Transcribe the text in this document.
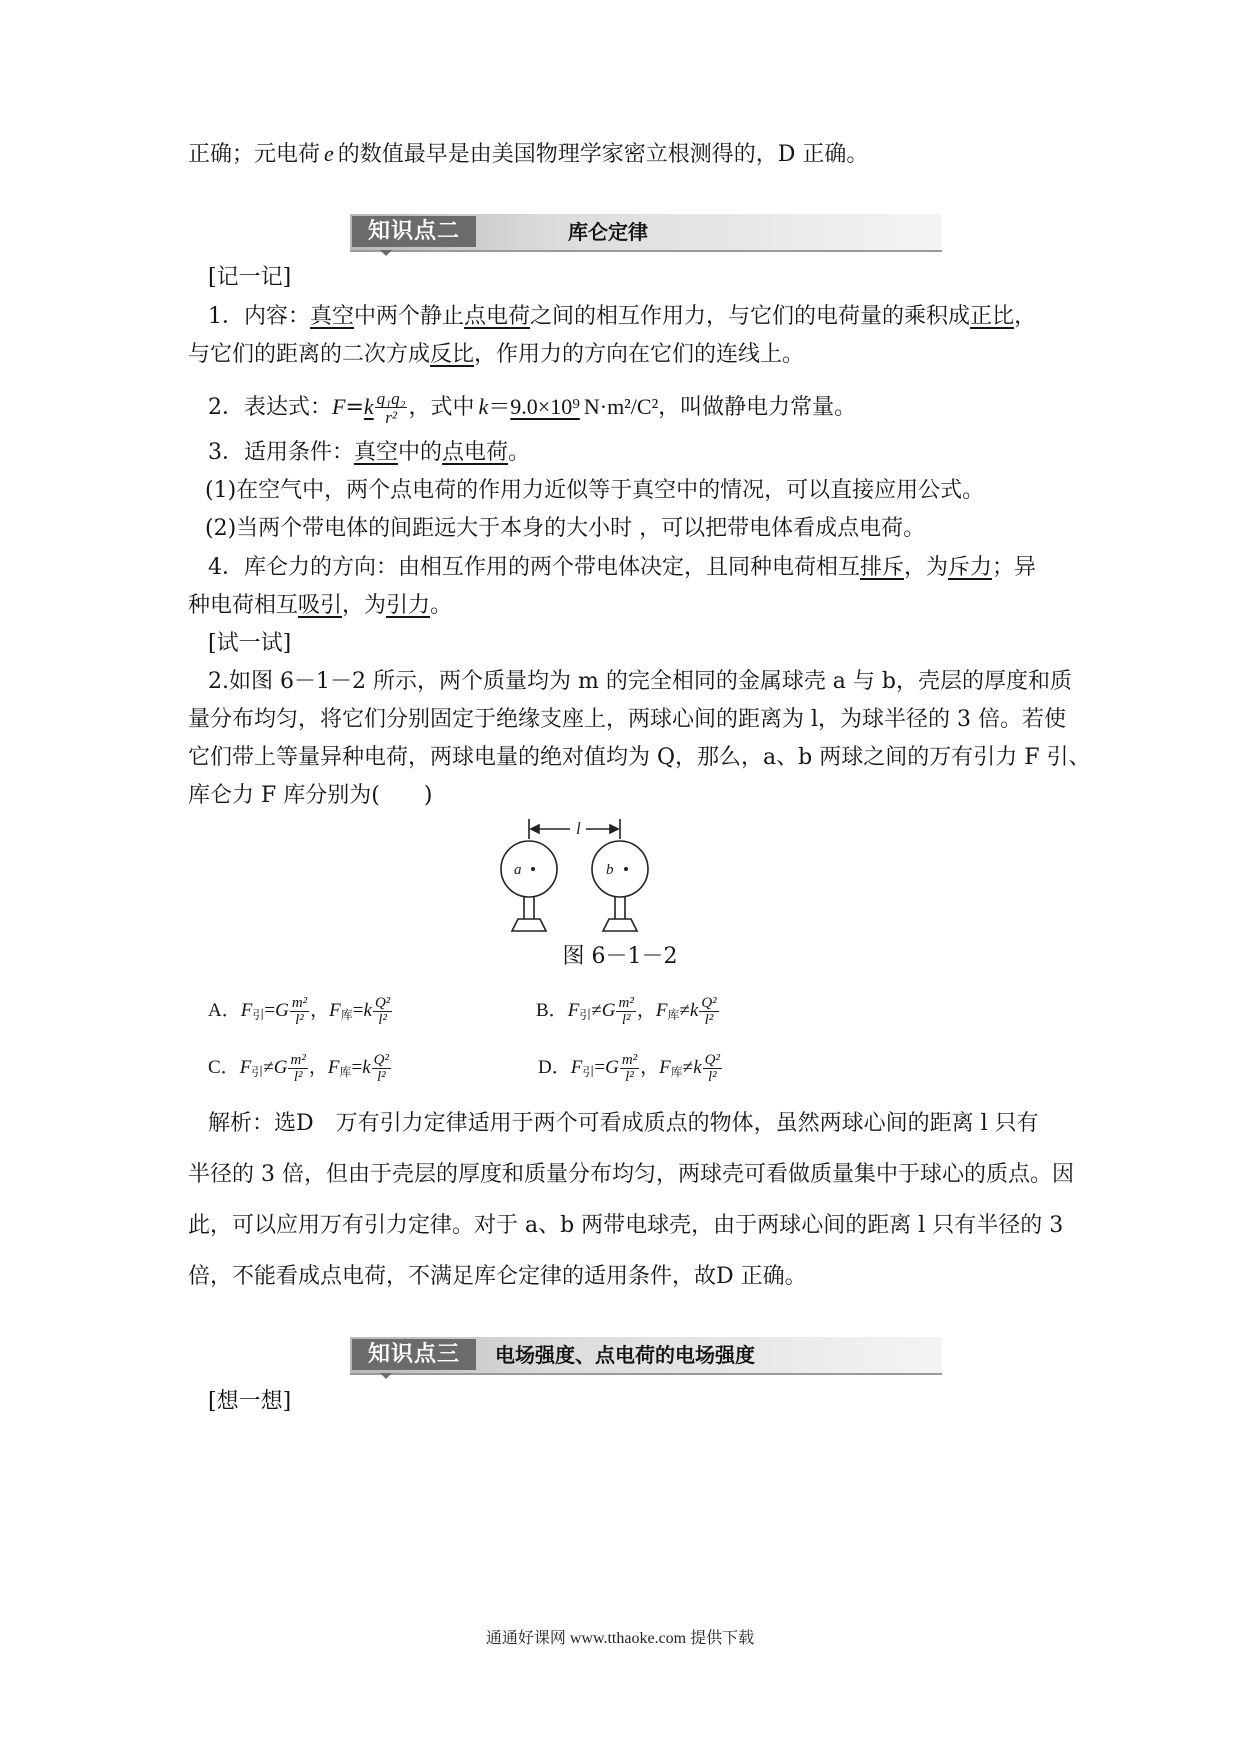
正确；元电荷 e 的数值最早是由美国物理学家密立根测得的，D 正确。
知识点二	库仑定律
[记一记]
1．内容：真空中两个静止点电荷之间的相互作用力，与它们的电荷量的乘积成正比，
与它们的距离的二次方成反比，作用力的方向在它们的连线上。
2．表达式：$F=k \frac{\text{q₁q₂}}{\text{r²}}$ ，式中 k＝9.0×10⁹ N·m²/C²，叫做静电力常量。
3．适用条件：真空中的点电荷。
(1)在空气中，两个点电荷的作用力近似等于真空中的情况，可以直接应用公式。
(2)当两个带电体的间距远大于本身的大小时 ，可以把带电体看成点电荷。
4．库仑力的方向：由相互作用的两个带电体决定，且同种电荷相互排斥，为斥力；异
种电荷相互吸引，为引力。
[试一试]
2.如图 6－1－2 所示，两个质量均为 m 的完全相同的金属球壳 a 与 b，壳层的厚度和质
量分布均匀，将它们分别固定于绝缘支座上，两球心间的距离为 l，为球半径的 3 倍。若使
它们带上等量异种电荷，两球电量的绝对值均为 Q，那么，a、b 两球之间的万有引力 F 引、
库仑力 F 库分别为(　　)
l
a	b
图 6－1－2
A．$F_引=G \frac{\text{m²}}{\text{l²}}$ ，$F_库=k \frac{\text{Q²}}{\text{l²}}$	B．$F_引\ne G \frac{\text{m²}}{\text{l²}}$ ，$F_库\ne k \frac{\text{Q²}}{\text{l²}}$
C．$F_引\ne G \frac{\text{m²}}{\text{l²}}$ ，$F_库=k \frac{\text{Q²}}{\text{l²}}$	D．$F_引=G \frac{\text{m²}}{\text{l²}}$ ，$F_库\ne k \frac{\text{Q²}}{\text{l²}}$
解析：选D　万有引力定律适用于两个可看成质点的物体，虽然两球心间的距离 l 只有
半径的 3 倍，但由于壳层的厚度和质量分布均匀，两球壳可看做质量集中于球心的质点。因
此，可以应用万有引力定律。对于 a、b 两带电球壳，由于两球心间的距离 l 只有半径的 3
倍，不能看成点电荷，不满足库仑定律的适用条件，故D 正确。
知识点三	电场强度、点电荷的电场强度
[想一想]
通通好课网 www.tthaoke.com 提供下载
